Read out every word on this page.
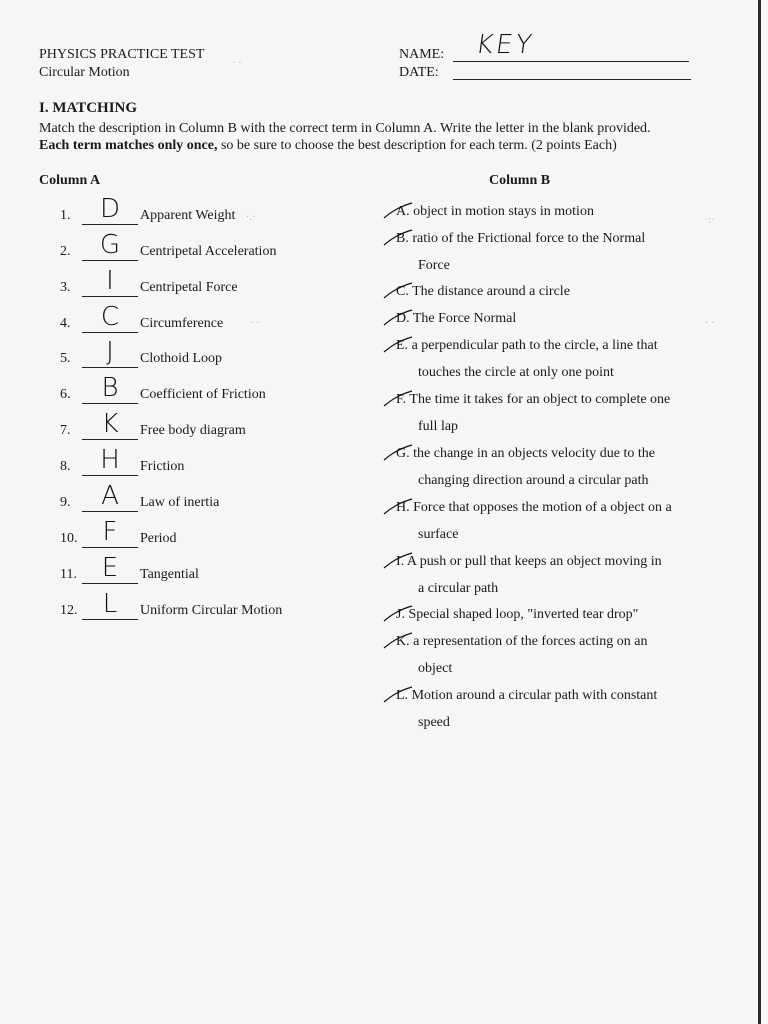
PHYSICS PRACTICE TEST
Circular Motion
NAME:
DATE:
KEY
I. MATCHING
Match the description in Column B with the correct term in Column A. Write the letter in the blank provided.
Each term matches only once, so be sure to choose the best description for each term. (2 points Each)
Column A	Column B
1.	D	Apparent Weight
2.	G	Centripetal Acceleration
3.	I	Centripetal Force
4.	C	Circumference
5.	J	Clothoid Loop
6.	B	Coefficient of Friction
7.	K	Free body diagram
8.	H	Friction
9.	A	Law of inertia
10. F	Period
11. E	Tangential
12. L	Uniform Circular Motion
A. object in motion stays in motion
B. ratio of the Frictional force to the Normal
Force
C. The distance around a circle
D. The Force Normal
E. a perpendicular path to the circle, a line that
touches the circle at only one point
F. The time it takes for an object to complete one
full lap
G. the change in an objects velocity due to the
changing direction around a circular path
H. Force that opposes the motion of a object on a
surface
I. A push or pull that keeps an object moving in
a circular path
J. Special shaped loop, "inverted tear drop"
K. a representation of the forces acting on an
object
L. Motion around a circular path with constant
speed
·.·
· ·
·:·
· ·
· ·
